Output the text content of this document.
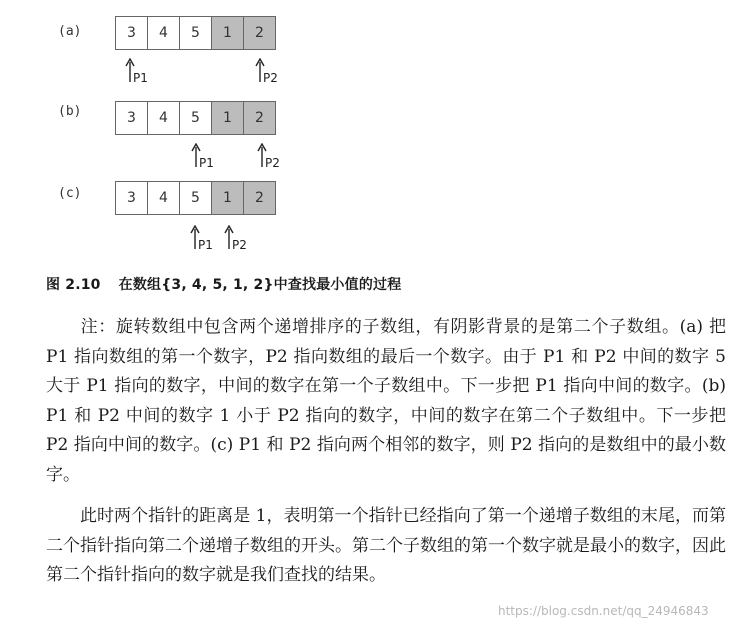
(a)	3	4	5	1	2
P1	P2
(b)	3	4	5	1	2
P1	P2
(c)	3	4	5	1	2
P1 P2
图 2.10 在数组{3, 4, 5, 1, 2}中查找最小值的过程
注：旋转数组中包含两个递增排序的子数组，有阴影背景的是第二个子数组。(a) 把 P1 指向数组的第一个数字，P2 指向数组的最后一个数字。由于 P1 和 P2 中间的数字 5 大于 P1 指向的数字，中间的数字在第一个子数组中。下一步把 P1 指向中间的数字。(b) P1 和 P2 中间的数字 1 小于 P2 指向的数字，中间的数字在第二个子数组中。下一步把 P2 指向中间的数字。(c) P1 和 P2 指向两个相邻的数字，则 P2 指向的是数组中的最小数字。
此时两个指针的距离是 1，表明第一个指针已经指向了第一个递增子数组的末尾，而第二个指针指向第二个递增子数组的开头。第二个子数组的第一个数字就是最小的数字，因此第二个指针指向的数字就是我们查找的结果。
https://blog.csdn.net/qq_24946843
